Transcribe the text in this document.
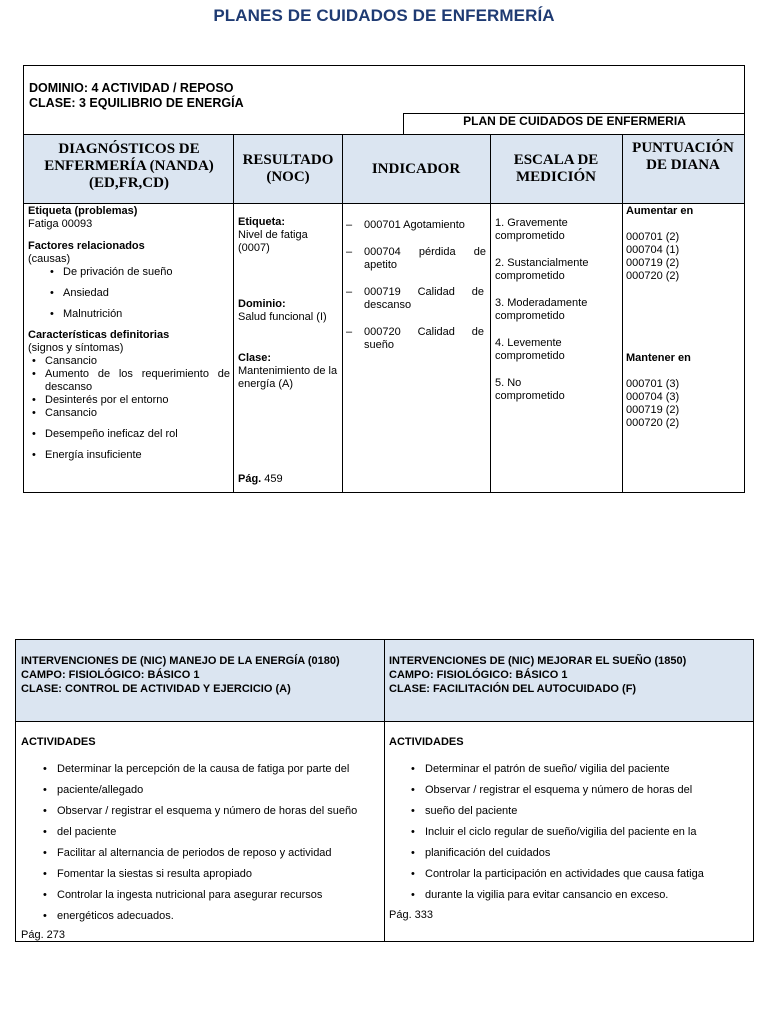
PLANES DE CUIDADOS DE ENFERMERÍA
DOMINIO: 4 ACTIVIDAD / REPOSO
CLASE: 3 EQUILIBRIO DE ENERGÍA
PLAN DE CUIDADOS DE ENFERMERIA
DIAGNÓSTICOS DE
ENFERMERÍA (NANDA)
(ED,FR,CD)
RESULTADO
(NOC)
INDICADOR
ESCALA DE
MEDICIÓN
PUNTUACIÓN
DE DIANA
Etiqueta (problemas)
Fatiga 00093
Factores relacionados
(causas)
• De privación de sueño
• Ansiedad
• Malnutrición
Características definitorias
(signos y síntomas)
• Cansancio
• Aumento de los requerimiento de descanso
• Desinterés por el entorno
• Cansancio
• Desempeño ineficaz del rol
• Energía insuficiente
Etiqueta:
Nivel de fatiga (0007)
Dominio:
Salud funcional (I)
Clase:
Mantenimiento de la energía (A)
Pág. 459
– 000701 Agotamiento
– 000704 pérdida de apetito
– 000719 Calidad de descanso
– 000720 Calidad de sueño
1. Gravemente comprometido
2. Sustancialmente comprometido
3. Moderadamente comprometido
4. Levemente comprometido
5. No comprometido
Aumentar en
000701 (2)
000704 (1)
000719 (2)
000720 (2)
Mantener en
000701 (3)
000704 (3)
000719 (2)
000720 (2)
INTERVENCIONES DE (NIC) MANEJO DE LA ENERGÍA (0180)
CAMPO: FISIOLÓGICO: BÁSICO 1
CLASE: CONTROL DE ACTIVIDAD Y EJERCICIO (A)
INTERVENCIONES DE (NIC) MEJORAR EL SUEÑO (1850)
CAMPO: FISIOLÓGICO: BÁSICO 1
CLASE: FACILITACIÓN DEL AUTOCUIDADO (F)
ACTIVIDADES
• Determinar la percepción de la causa de fatiga por parte del
• paciente/allegado
• Observar / registrar el esquema y número de horas del sueño
• del paciente
• Facilitar al alternancia de periodos de reposo y actividad
• Fomentar la siestas si resulta apropiado
• Controlar la ingesta nutricional para asegurar recursos
• energéticos adecuados.
Pág. 273
ACTIVIDADES
• Determinar el patrón de sueño/ vigilia del paciente
• Observar / registrar el esquema y número de horas del
• sueño del paciente
• Incluir el ciclo regular de sueño/vigilia del paciente en la
• planificación del cuidados
• Controlar la participación en actividades que causa fatiga
• durante la vigilia para evitar cansancio en exceso.
Pág. 333
